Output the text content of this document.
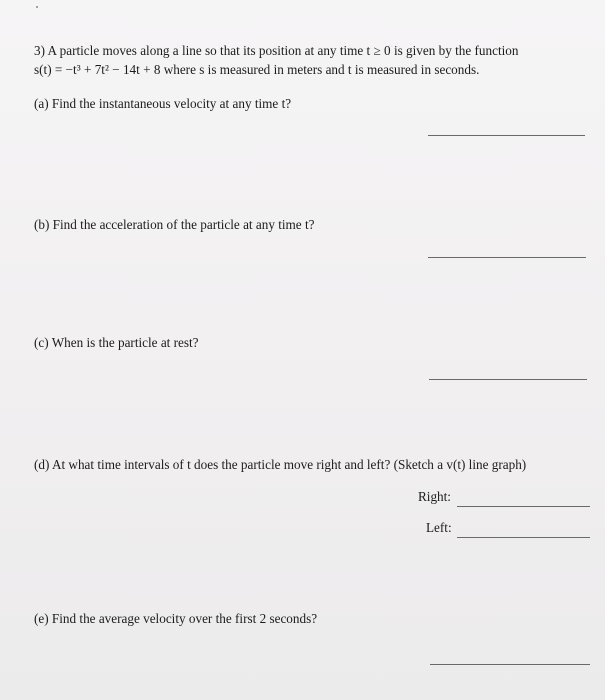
3) A particle moves along a line so that its position at any time t ≥ 0 is given by the function
s(t) = −t³ + 7t² − 14t + 8 where s is measured in meters and t is measured in seconds.
(a) Find the instantaneous velocity at any time t?
(b) Find the acceleration of the particle at any time t?
(c) When is the particle at rest?
(d) At what time intervals of t does the particle move right and left? (Sketch a v(t) line graph)
Right:
Left:
(e) Find the average velocity over the first 2 seconds?
